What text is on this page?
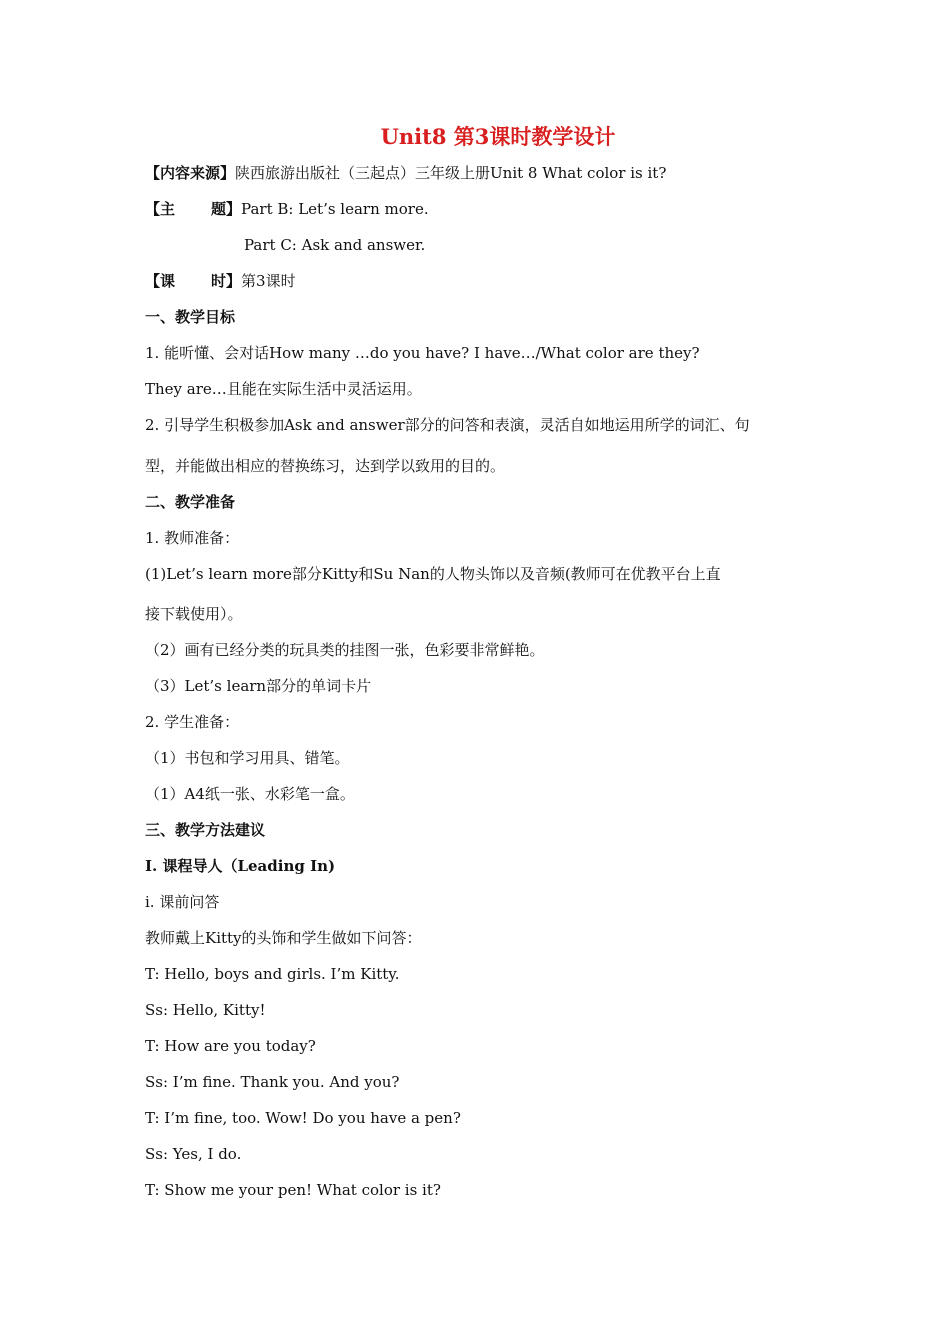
Unit8 第3课时教学设计
【内容来源】陕西旅游出版社（三起点）三年级上册Unit 8 What color is it?
【主 题】Part B: Let’s learn more.
Part C: Ask and answer.
【课 时】第3课时
一、教学目标
1. 能听懂、会对话How many …do you have? I have…/What color are they?
They are…且能在实际生活中灵活运用。
2. 引导学生积极参加Ask and answer部分的问答和表演，灵活自如地运用所学的词汇、句
型，并能做出相应的替换练习，达到学以致用的目的。
二、教学准备
1. 教师准备：
(1)Let’s learn more部分Kitty和Su Nan的人物头饰以及音频(教师可在优教平台上直
接下载使用）。
（2）画有已经分类的玩具类的挂图一张，色彩要非常鲜艳。
（3）Let’s learn部分的单词卡片
2. 学生准备：
（1）书包和学习用具、错笔。
（1）A4纸一张、水彩笔一盒。
三、教学方法建议
I. 课程导人（Leading In)
i. 课前问答
教师戴上Kitty的头饰和学生做如下问答：
T: Hello, boys and girls. I’m Kitty.
Ss: Hello, Kitty!
T: How are you today?
Ss: I’m fine. Thank you. And you?
T: I’m fine, too. Wow! Do you have a pen?
Ss: Yes, I do.
T: Show me your pen! What color is it?
